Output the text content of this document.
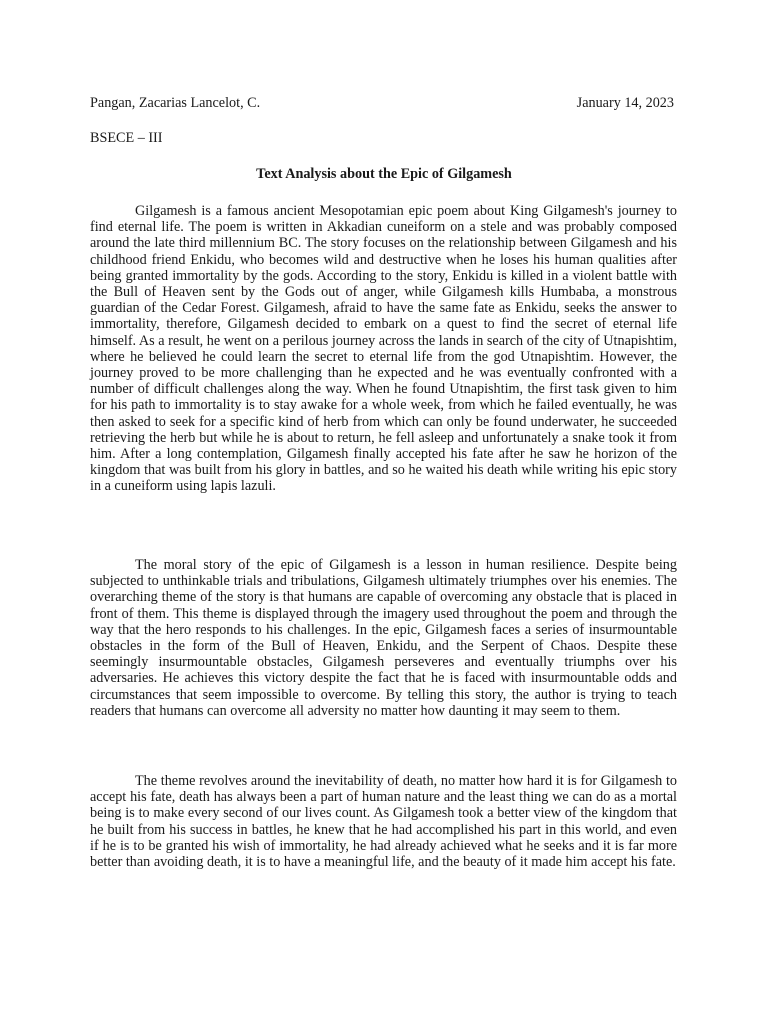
Pangan, Zacarias Lancelot, C.	January 14, 2023
BSECE – III
Text Analysis about the Epic of Gilgamesh

Gilgamesh is a famous ancient Mesopotamian epic poem about King Gilgamesh's journey to find eternal life. The poem is written in Akkadian cuneiform on a stele and was probably composed around the late third millennium BC. The story focuses on the relationship between Gilgamesh and his childhood friend Enkidu, who becomes wild and destructive when he loses his human qualities after being granted immortality by the gods. According to the story, Enkidu is killed in a violent battle with the Bull of Heaven sent by the Gods out of anger, while Gilgamesh kills Humbaba, a monstrous guardian of the Cedar Forest. Gilgamesh, afraid to have the same fate as Enkidu, seeks the answer to immortality, therefore, Gilgamesh decided to embark on a quest to find the secret of eternal life himself. As a result, he went on a perilous journey across the lands in search of the city of Utnapishtim, where he believed he could learn the secret to eternal life from the god Utnapishtim. However, the journey proved to be more challenging than he expected and he was eventually confronted with a number of difficult challenges along the way. When he found Utnapishtim, the first task given to him for his path to immortality is to stay awake for a whole week, from which he failed eventually, he was then asked to seek for a specific kind of herb from which can only be found underwater, he succeeded retrieving the herb but while he is about to return, he fell asleep and unfortunately a snake took it from him. After a long contemplation, Gilgamesh finally accepted his fate after he saw he horizon of the kingdom that was built from his glory in battles, and so he waited his death while writing his epic story in a cuneiform using lapis lazuli.

The moral story of the epic of Gilgamesh is a lesson in human resilience. Despite being subjected to unthinkable trials and tribulations, Gilgamesh ultimately triumphes over his enemies. The overarching theme of the story is that humans are capable of overcoming any obstacle that is placed in front of them. This theme is displayed through the imagery used throughout the poem and through the way that the hero responds to his challenges. In the epic, Gilgamesh faces a series of insurmountable obstacles in the form of the Bull of Heaven, Enkidu, and the Serpent of Chaos. Despite these seemingly insurmountable obstacles, Gilgamesh perseveres and eventually triumphs over his adversaries. He achieves this victory despite the fact that he is faced with insurmountable odds and circumstances that seem impossible to overcome. By telling this story, the author is trying to teach readers that humans can overcome all adversity no matter how daunting it may seem to them.

The theme revolves around the inevitability of death, no matter how hard it is for Gilgamesh to accept his fate, death has always been a part of human nature and the least thing we can do as a mortal being is to make every second of our lives count. As Gilgamesh took a better view of the kingdom that he built from his success in battles, he knew that he had accomplished his part in this world, and even if he is to be granted his wish of immortality, he had already achieved what he seeks and it is far more better than avoiding death, it is to have a meaningful life, and the beauty of it made him accept his fate.
